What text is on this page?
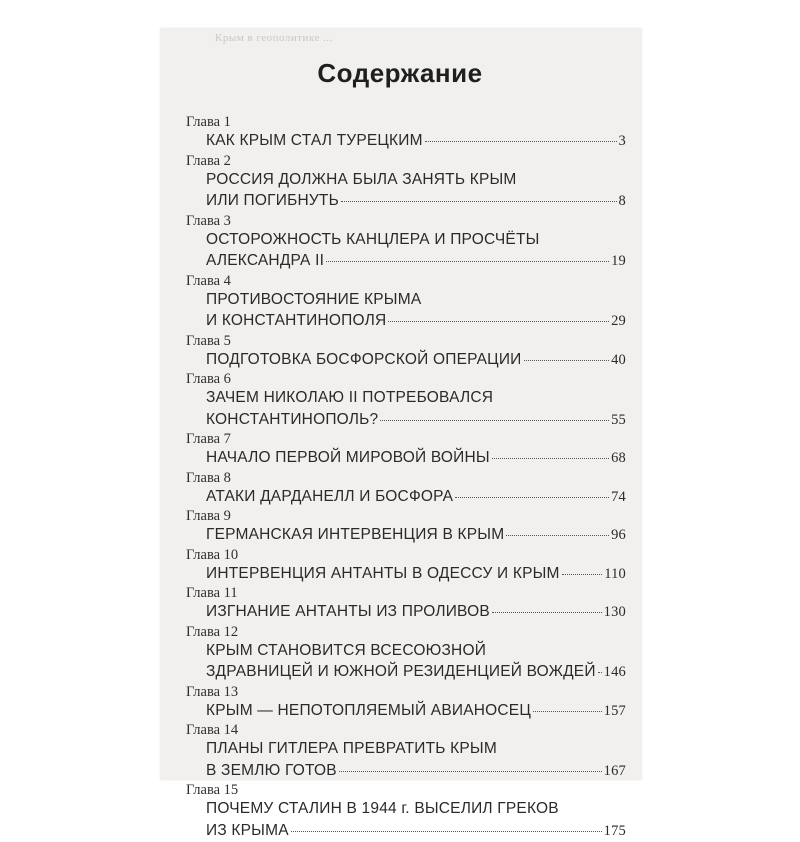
Крым в геополитике ...
Содержание
Глава 1
КАК КРЫМ СТАЛ ТУРЕЦКИМ	3
Глава 2
РОССИЯ ДОЛЖНА БЫЛА ЗАНЯТЬ КРЫМ
ИЛИ ПОГИБНУТЬ	8
Глава 3
ОСТОРОЖНОСТЬ КАНЦЛЕРА И ПРОСЧЁТЫ
АЛЕКСАНДРА II	19
Глава 4
ПРОТИВОСТОЯНИЕ КРЫМА
И КОНСТАНТИНОПОЛЯ	29
Глава 5
ПОДГОТОВКА БОСФОРСКОЙ ОПЕРАЦИИ	40
Глава 6
ЗАЧЕМ НИКОЛАЮ II ПОТРЕБОВАЛСЯ
КОНСТАНТИНОПОЛЬ?	55
Глава 7
НАЧАЛО ПЕРВОЙ МИРОВОЙ ВОЙНЫ	68
Глава 8
АТАКИ ДАРДАНЕЛЛ И БОСФОРА	74
Глава 9
ГЕРМАНСКАЯ ИНТЕРВЕНЦИЯ В КРЫМ	96
Глава 10
ИНТЕРВЕНЦИЯ АНТАНТЫ В ОДЕССУ И КРЫМ	110
Глава 11
ИЗГНАНИЕ АНТАНТЫ ИЗ ПРОЛИВОВ	130
Глава 12
КРЫМ СТАНОВИТСЯ ВСЕСОЮЗНОЙ
ЗДРАВНИЦЕЙ И ЮЖНОЙ РЕЗИДЕНЦИЕЙ ВОЖДЕЙ 146
Глава 13
КРЫМ — НЕПОТОПЛЯЕМЫЙ АВИАНОСЕЦ	157
Глава 14
ПЛАНЫ ГИТЛЕРА ПРЕВРАТИТЬ КРЫМ
В ЗЕМЛЮ ГОТОВ	167
Глава 15
ПОЧЕМУ СТАЛИН В 1944 г. ВЫСЕЛИЛ ГРЕКОВ
ИЗ КРЫМА	175
